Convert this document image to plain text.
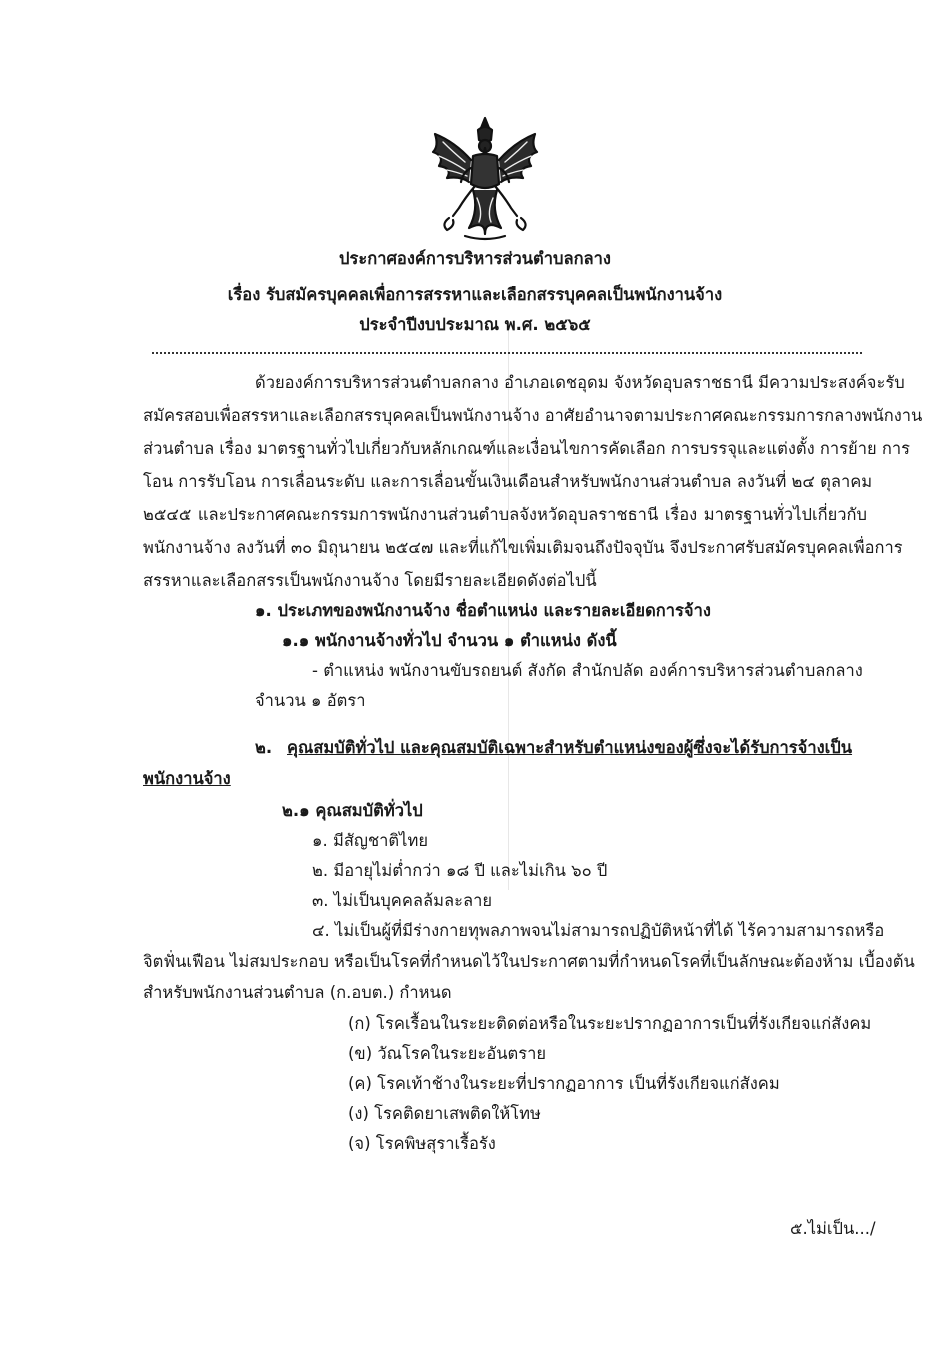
ประกาศองค์การบริหารส่วนตำบลกลาง
เรื่อง รับสมัครบุคคลเพื่อการสรรหาและเลือกสรรบุคคลเป็นพนักงานจ้าง
ประจำปีงบประมาณ พ.ศ. ๒๕๖๕
ด้วยองค์การบริหารส่วนตำบลกลาง อำเภอเดชอุดม จังหวัดอุบลราชธานี มีความประสงค์จะรับ
สมัครสอบเพื่อสรรหาและเลือกสรรบุคคลเป็นพนักงานจ้าง อาศัยอำนาจตามประกาศคณะกรรมการกลางพนักงาน
ส่วนตำบล เรื่อง มาตรฐานทั่วไปเกี่ยวกับหลักเกณฑ์และเงื่อนไขการคัดเลือก การบรรจุและแต่งตั้ง การย้าย การ
โอน การรับโอน การเลื่อนระดับ และการเลื่อนขั้นเงินเดือนสำหรับพนักงานส่วนตำบล ลงวันที่ ๒๔ ตุลาคม
๒๕๔๕ และประกาศคณะกรรมการพนักงานส่วนตำบลจังหวัดอุบลราชธานี เรื่อง มาตรฐานทั่วไปเกี่ยวกับ
พนักงานจ้าง ลงวันที่ ๓๐ มิถุนายน ๒๕๔๗ และที่แก้ไขเพิ่มเติมจนถึงปัจจุบัน จึงประกาศรับสมัครบุคคลเพื่อการ
สรรหาและเลือกสรรเป็นพนักงานจ้าง โดยมีรายละเอียดดังต่อไปนี้
๑. ประเภทของพนักงานจ้าง ชื่อตำแหน่ง และรายละเอียดการจ้าง
๑.๑ พนักงานจ้างทั่วไป จำนวน ๑ ตำแหน่ง ดังนี้
- ตำแหน่ง พนักงานขับรถยนต์ สังกัด สำนักปลัด องค์การบริหารส่วนตำบลกลาง
จำนวน ๑ อัตรา
๒. คุณสมบัติทั่วไป และคุณสมบัติเฉพาะสำหรับตำแหน่งของผู้ซึ่งจะได้รับการจ้างเป็น
พนักงานจ้าง
๒.๑ คุณสมบัติทั่วไป
๑. มีสัญชาติไทย
๒. มีอายุไม่ต่ำกว่า ๑๘ ปี และไม่เกิน ๖๐ ปี
๓. ไม่เป็นบุคคลล้มละลาย
๔. ไม่เป็นผู้ที่มีร่างกายทุพลภาพจนไม่สามารถปฏิบัติหน้าที่ได้ ไร้ความสามารถหรือ
จิตฟั่นเฟือน ไม่สมประกอบ หรือเป็นโรคที่กำหนดไว้ในประกาศตามที่กำหนดโรคที่เป็นลักษณะต้องห้าม เบื้องต้น
สำหรับพนักงานส่วนตำบล (ก.อบต.) กำหนด
(ก) โรคเรื้อนในระยะติดต่อหรือในระยะปรากฏอาการเป็นที่รังเกียจแก่สังคม
(ข) วัณโรคในระยะอันตราย
(ค) โรคเท้าช้างในระยะที่ปรากฏอาการ เป็นที่รังเกียจแก่สังคม
(ง) โรคติดยาเสพติดให้โทษ
(จ) โรคพิษสุราเรื้อรัง
๕.ไม่เป็น.../
